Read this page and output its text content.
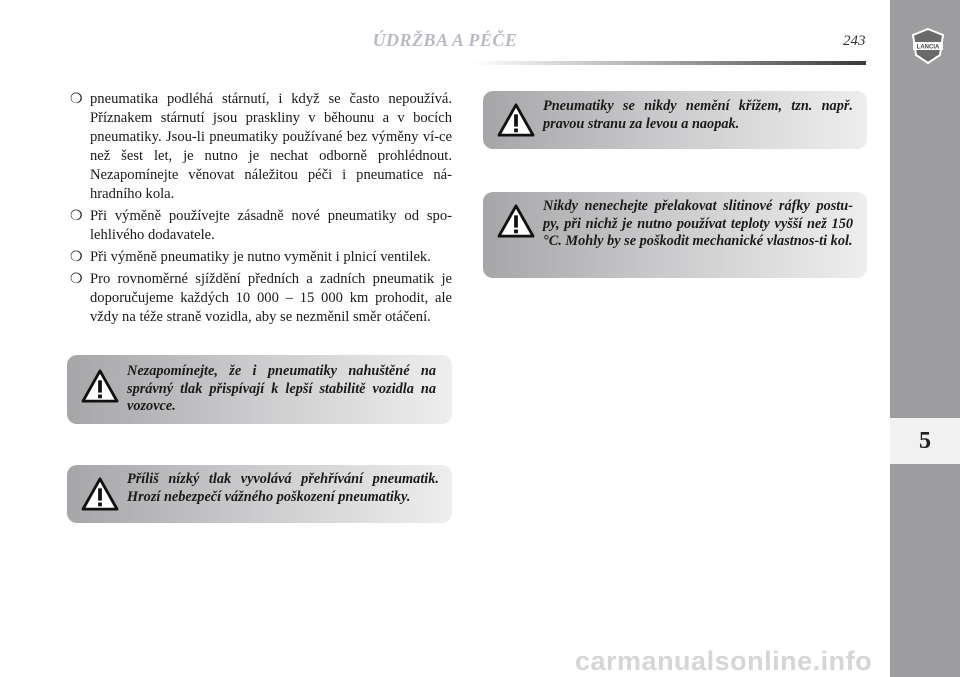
ÚDRŽBA A PÉČE	243	LANCIA
5
❍ pneumatika podléhá stárnutí, i když se často nepoužívá. Příznakem stárnutí jsou praskliny v běhounu a v bocích pneumatiky. Jsou-li pneumatiky používané bez výměny ví-ce než šest let, je nutno je nechat odborně prohlédnout. Nezapomínejte věnovat náležitou péči i pneumatice ná-hradního kola.
❍ Při výměně používejte zásadně nové pneumatiky od spo-lehlivého dodavatele.
❍ Při výměně pneumatiky je nutno vyměnit i plnicí ventilek.
❍ Pro rovnoměrné sjíždění předních a zadních pneumatik je doporučujeme každých 10 000 – 15 000 km prohodit, ale vždy na téže straně vozidla, aby se nezměnil směr otáčení.
Nezapomínejte, že i pneumatiky nahuštěné na správný tlak přispívají k lepší stabilitě vozidla na vozovce.
Příliš nízký tlak vyvolává přehřívání pneumatik. Hrozí nebezpečí vážného poškození pneumatiky.
Pneumatiky se nikdy nemění křížem, tzn. např. pravou stranu za levou a naopak.
Nikdy nenechejte přelakovat slitinové ráfky postu-py, při nichž je nutno používat teploty vyšší než 150 °C. Mohly by se poškodit mechanické vlastnos-ti kol.
carmanualsonline.info
